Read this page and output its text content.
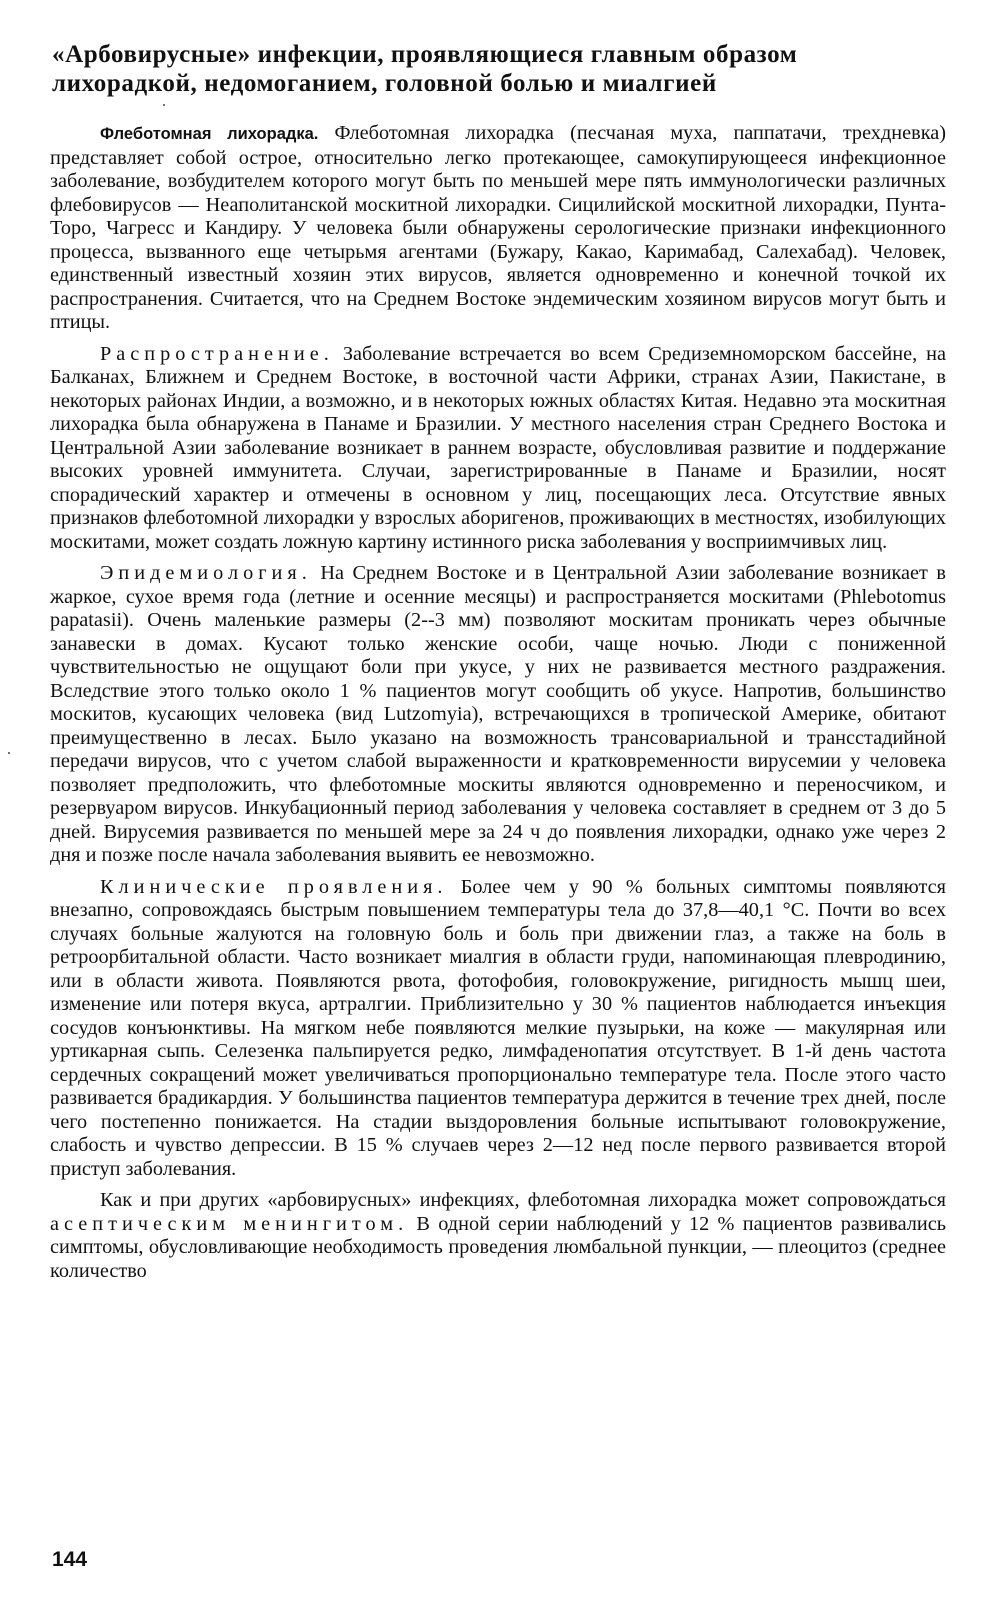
«Арбовирусные» инфекции, проявляющиеся главным образом лихорадкой, недомоганием, головной болью и миалгией

Флеботомная лихорадка. Флеботомная лихорадка (песчаная муха, паппатачи, трехдневка) представляет собой острое, относительно легко протекающее, самокупирующееся инфекционное заболевание, возбудителем которого могут быть по меньшей мере пять иммунологически различных флебовирусов — Неаполитанской москитной лихорадки. Сицилийской москитной лихорадки, Пунта-Торо, Чагресс и Кандиру. У человека были обнаружены серологические признаки инфекционного процесса, вызванного еще четырьмя агентами (Бужару, Какао, Каримабад, Салехабад). Человек, единственный известный хозяин этих вирусов, является одновременно и конечной точкой их распространения. Считается, что на Среднем Востоке эндемическим хозяином вирусов могут быть и птицы.

Распространение. Заболевание встречается во всем Средиземноморском бассейне, на Балканах, Ближнем и Среднем Востоке, в восточной части Африки, странах Азии, Пакистане, в некоторых районах Индии, а возможно, и в некоторых южных областях Китая. Недавно эта москитная лихорадка была обнаружена в Панаме и Бразилии. У местного населения стран Среднего Востока и Центральной Азии заболевание возникает в раннем возрасте, обусловливая развитие и поддержание высоких уровней иммунитета. Случаи, зарегистрированные в Панаме и Бразилии, носят спорадический характер и отмечены в основном у лиц, посещающих леса. Отсутствие явных признаков флеботомной лихорадки у взрослых аборигенов, проживающих в местностях, изобилующих москитами, может создать ложную картину истинного риска заболевания у восприимчивых лиц.

Эпидемиология. На Среднем Востоке и в Центральной Азии заболевание возникает в жаркое, сухое время года (летние и осенние месяцы) и распространяется москитами (Phlebotomus papatasii). Очень маленькие размеры (2--3 мм) позволяют москитам проникать через обычные занавески в домах. Кусают только женские особи, чаще ночью. Люди с пониженной чувствительностью не ощущают боли при укусе, у них не развивается местного раздражения. Вследствие этого только около 1 % пациентов могут сообщить об укусе. Напротив, большинство москитов, кусающих человека (вид Lutzomyia), встречающихся в тропической Америке, обитают преимущественно в лесах. Было указано на возможность трансовариальной и трансстадийной передачи вирусов, что с учетом слабой выраженности и кратковременности вирусемии у человека позволяет предположить, что флеботомные москиты являются одновременно и переносчиком, и резервуаром вирусов. Инкубационный период заболевания у человека составляет в среднем от 3 до 5 дней. Вирусемия развивается по меньшей мере за 24 ч до появления лихорадки, однако уже через 2 дня и позже после начала заболевания выявить ее невозможно.

Клинические проявления. Более чем у 90 % больных симптомы появляются внезапно, сопровождаясь быстрым повышением температуры тела до 37,8—40,1 °С. Почти во всех случаях больные жалуются на головную боль и боль при движении глаз, а также на боль в ретроорбитальной области. Часто возникает миалгия в области груди, напоминающая плевродинию, или в области живота. Появляются рвота, фотофобия, головокружение, ригидность мышц шеи, изменение или потеря вкуса, артралгии. Приблизительно у 30 % пациентов наблюдается инъекция сосудов конъюнктивы. На мягком небе появляются мелкие пузырьки, на коже — макулярная или уртикарная сыпь. Селезенка пальпируется редко, лимфаденопатия отсутствует. В 1-й день частота сердечных сокращений может увеличиваться пропорционально температуре тела. После этого часто развивается брадикардия. У большинства пациентов температура держится в течение трех дней, после чего постепенно понижается. На стадии выздоровления больные испытывают головокружение, слабость и чувство депрессии. В 15 % случаев через 2—12 нед после первого развивается второй приступ заболевания.

Как и при других «арбовирусных» инфекциях, флеботомная лихорадка может сопровождаться асептическим менингитом. В одной серии наблюдений у 12 % пациентов развивались симптомы, обусловливающие необходимость проведения люмбальной пункции, — плеоцитоз (среднее количество

144
